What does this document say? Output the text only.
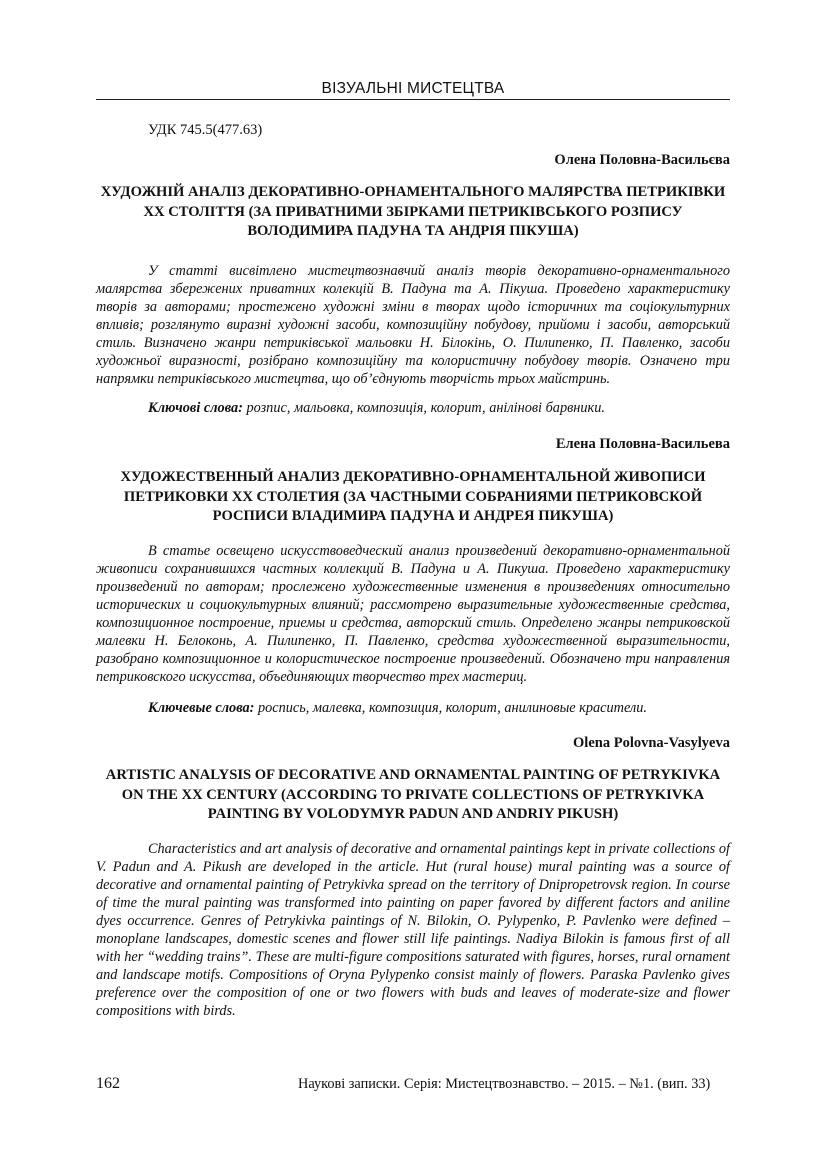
ВІЗУАЛЬНІ МИСТЕЦТВА
УДК 745.5(477.63)
Олена Половна-Васильєва
ХУДОЖНІЙ АНАЛІЗ ДЕКОРАТИВНО-ОРНАМЕНТАЛЬНОГО МАЛЯРСТВА ПЕТРИКІВКИ ХХ СТОЛІТТЯ (ЗА ПРИВАТНИМИ ЗБІРКАМИ ПЕТРИКІВСЬКОГО РОЗПИСУ ВОЛОДИМИРА ПАДУНА ТА АНДРІЯ ПІКУША)

У статті висвітлено мистецтвознавчий аналіз творів декоративно-орнаментального малярства збережених приватних колекцій В. Падуна та А. Пікуша. Проведено характеристику творів за авторами; простежено художні зміни в творах щодо історичних та соціокультурних впливів; розглянуто виразні художні засоби, композиційну побудову, прийоми і засоби, авторський стиль. Визначено жанри петриківської мальовки Н. Білокінь, О. Пилипенко, П. Павленко, засоби художньої виразності, розібрано композиційну та колористичну побудову творів. Означено три напрямки петриківського мистецтва, що об’єднують творчість трьох майстринь.

Ключові слова: розпис, мальовка, композиція, колорит, анілінові барвники.
Елена Половна-Васильева
ХУДОЖЕСТВЕННЫЙ АНАЛИЗ ДЕКОРАТИВНО-ОРНАМЕНТАЛЬНОЙ ЖИВОПИСИ ПЕТРИКОВКИ ХХ СТОЛЕТИЯ (ЗА ЧАСТНЫМИ СОБРАНИЯМИ ПЕТРИКОВСКОЙ РОСПИСИ ВЛАДИМИРА ПАДУНА И АНДРЕЯ ПИКУША)

В статье освещено искусствоведческий анализ произведений декоративно-орнаментальной живописи сохранившихся частных коллекций В. Падуна и А. Пикуша. Проведено характеристику произведений по авторам; прослежено художественные изменения в произведениях относительно исторических и социокультурных влияний; рассмотрено выразительные художественные средства, композиционное построение, приемы и средства, авторский стиль. Определено жанры петриковской малевки Н. Белоконь, А. Пилипенко, П. Павленко, средства художественной выразительности, разобрано композиционное и колористическое построение произведений. Обозначено три направления петриковского искусства, объединяющих творчество трех мастериц.

Ключевые слова: роспись, малевка, композиция, колорит, анилиновые красители.
Olena Polovna-Vasylyeva
ARTISTIC ANALYSIS OF DECORATIVE AND ORNAMENTAL PAINTING OF PETRYKIVKA ON THE XX CENTURY (ACCORDING TO PRIVATE COLLECTIONS OF PETRYKIVKA PAINTING BY VOLODYMYR PADUN AND ANDRIY PIKUSH)

Characteristics and art analysis of decorative and ornamental paintings kept in private collections of V. Padun and A. Pikush are developed in the article. Hut (rural house) mural painting was a source of decorative and ornamental painting of Petrykivka spread on the territory of Dnipropetrovsk region. In course of time the mural painting was transformed into painting on paper favored by different factors and aniline dyes occurrence. Genres of Petrykivka paintings of N. Bilokin, O. Pylypenko, P. Pavlenko were defined – monoplane landscapes, domestic scenes and flower still life paintings. Nadiya Bilokin is famous first of all with her “wedding trains”. These are multi-figure compositions saturated with figures, horses, rural ornament and landscape motifs. Compositions of Oryna Pylypenko consist mainly of flowers. Paraska Pavlenko gives preference over the composition of one or two flowers with buds and leaves of moderate-size and flower compositions with birds.

162	Наукові записки. Серія: Мистецтвознавство. – 2015. – №1. (вип. 33)
